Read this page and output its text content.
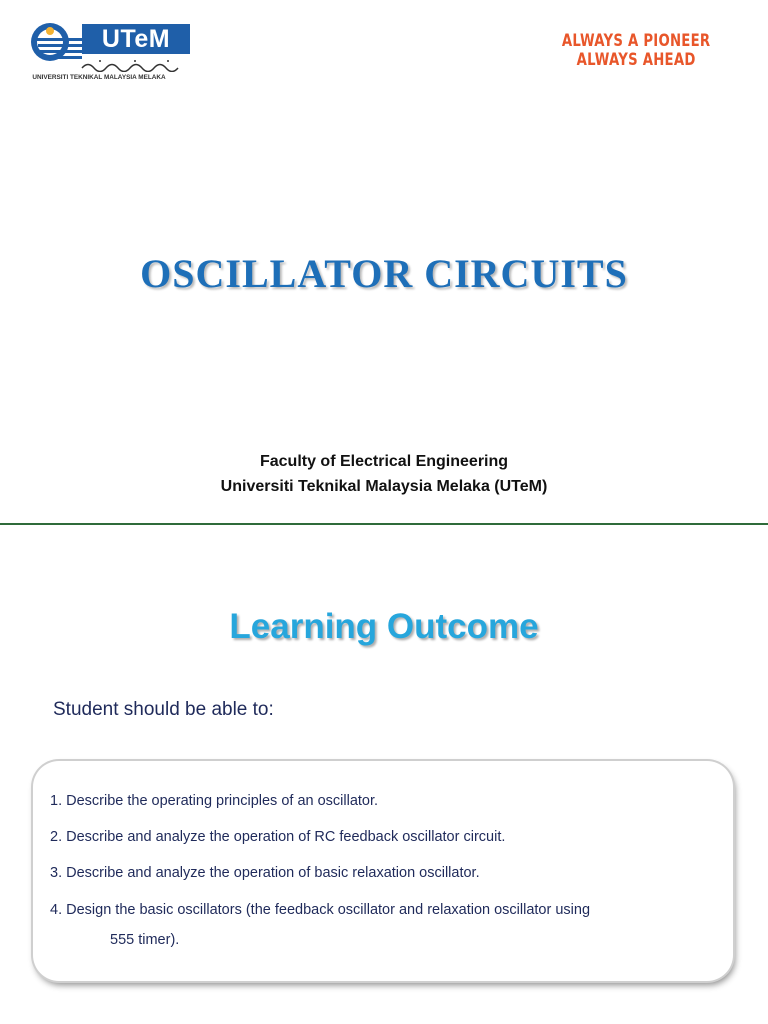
UTeM
UNIVERSITI TEKNIKAL MALAYSIA MELAKA
ALWAYS A PIONEER
ALWAYS AHEAD
OSCILLATOR CIRCUITS
Faculty of Electrical Engineering
Universiti Teknikal Malaysia Melaka (UTeM)
Learning Outcome
Student should be able to:
1. Describe the operating principles of an oscillator.
2. Describe and analyze the operation of RC feedback oscillator circuit.
3. Describe and analyze the operation of basic relaxation oscillator.
4. Design the basic oscillators (the feedback oscillator and relaxation oscillator using
555 timer).
